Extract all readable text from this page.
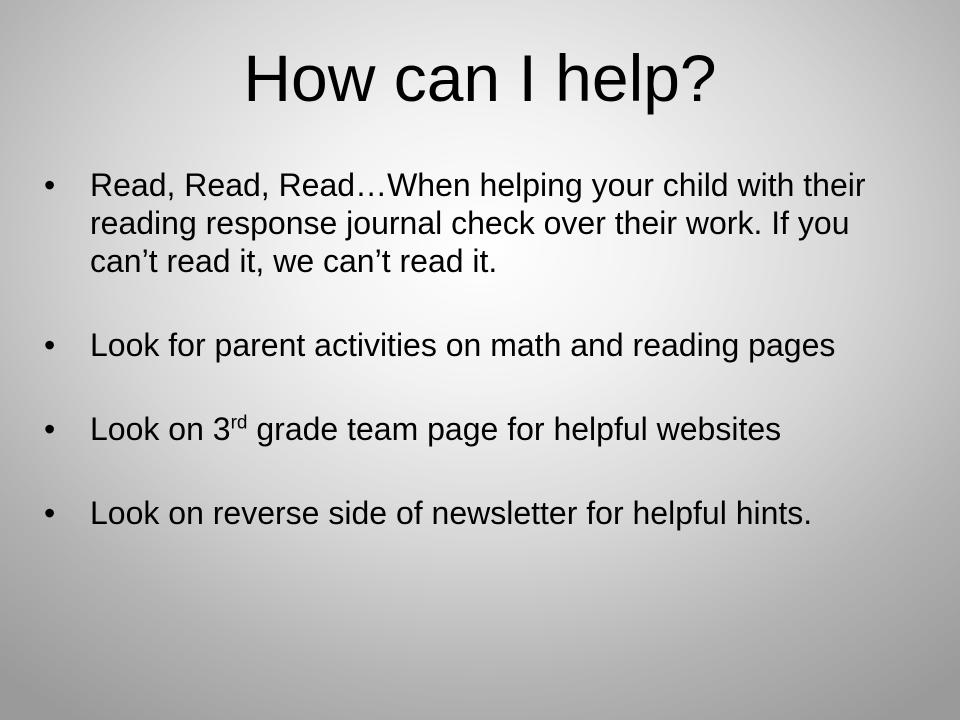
How can I help?
• Read, Read, Read…When helping your child with their reading response journal check over their work. If you can’t read it, we can’t read it.
• Look for parent activities on math and reading pages
• Look on 3rd grade team page for helpful websites
• Look on reverse side of newsletter for helpful hints.
